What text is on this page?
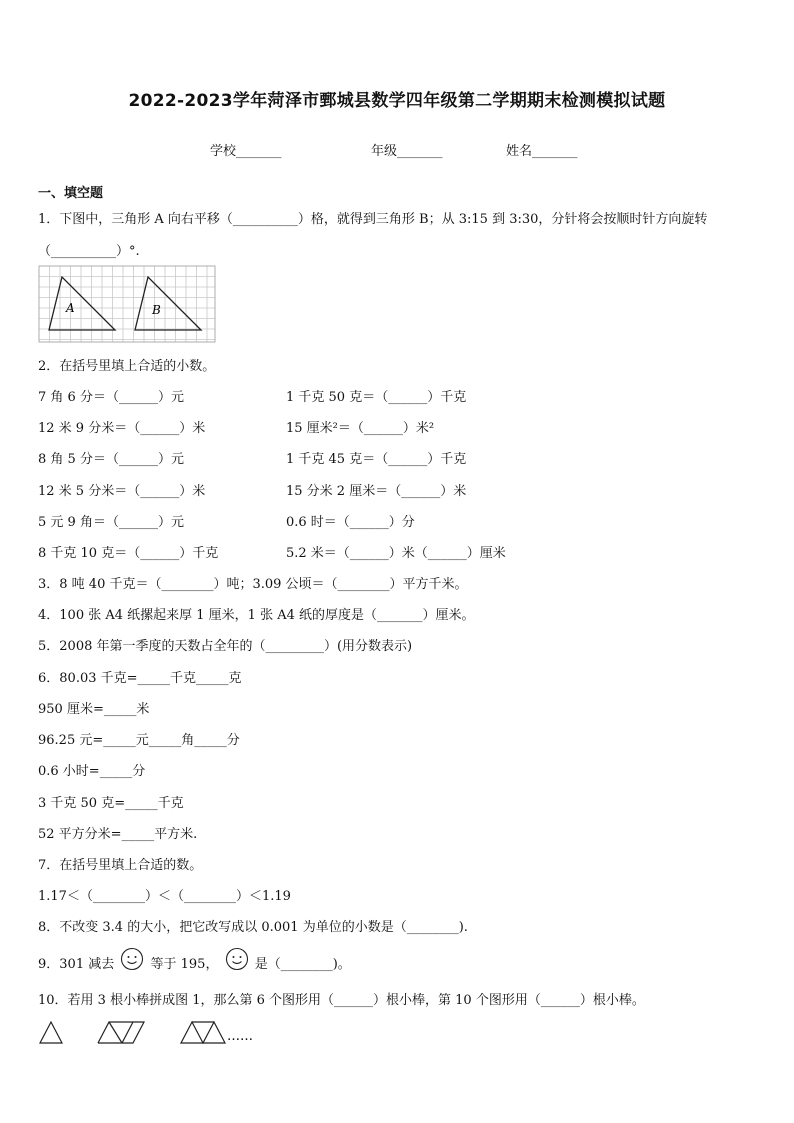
2022-2023学年菏泽市鄄城县数学四年级第二学期期末检测模拟试题
学校_______	年级_______	姓名_______
一、填空题
1．下图中，三角形 A 向右平移（__________）格，就得到三角形 B；从 3:15 到 3:30，分针将会按顺时针方向旋转
（__________）°.
A	B
2．在括号里填上合适的小数。
7 角 6 分＝（______）元	1 千克 50 克＝（______）千克
12 米 9 分米＝（______）米	15 厘米²＝（______）米²
8 角 5 分＝（______）元	1 千克 45 克＝（______）千克
12 米 5 分米＝（______）米	15 分米 2 厘米＝（______）米
5 元 9 角＝（______）元	0.6 时＝（______）分
8 千克 10 克＝（______）千克	5.2 米＝（______）米（______）厘米
3．8 吨 40 千克＝（________）吨；3.09 公顷＝（________）平方千米。
4．100 张 A4 纸摞起来厚 1 厘米，1 张 A4 纸的厚度是（_______）厘米。
5．2008 年第一季度的天数占全年的（_________）(用分数表示)
6．80.03 千克=_____千克_____克
950 厘米=_____米
96.25 元=_____元_____角_____分
0.6 小时=_____分
3 千克 50 克=_____千克
52 平方分米=_____平方米.
7．在括号里填上合适的数。
1.17＜（________）＜（________）＜1.19
8．不改变 3.4 的大小，把它改写成以 0.001 为单位的小数是（________).
9．301 减去	等于 195，	是（________)。
10．若用 3 根小棒拼成图 1，那么第 6 个图形用（______）根小棒，第 10 个图形用（______）根小棒。
……
